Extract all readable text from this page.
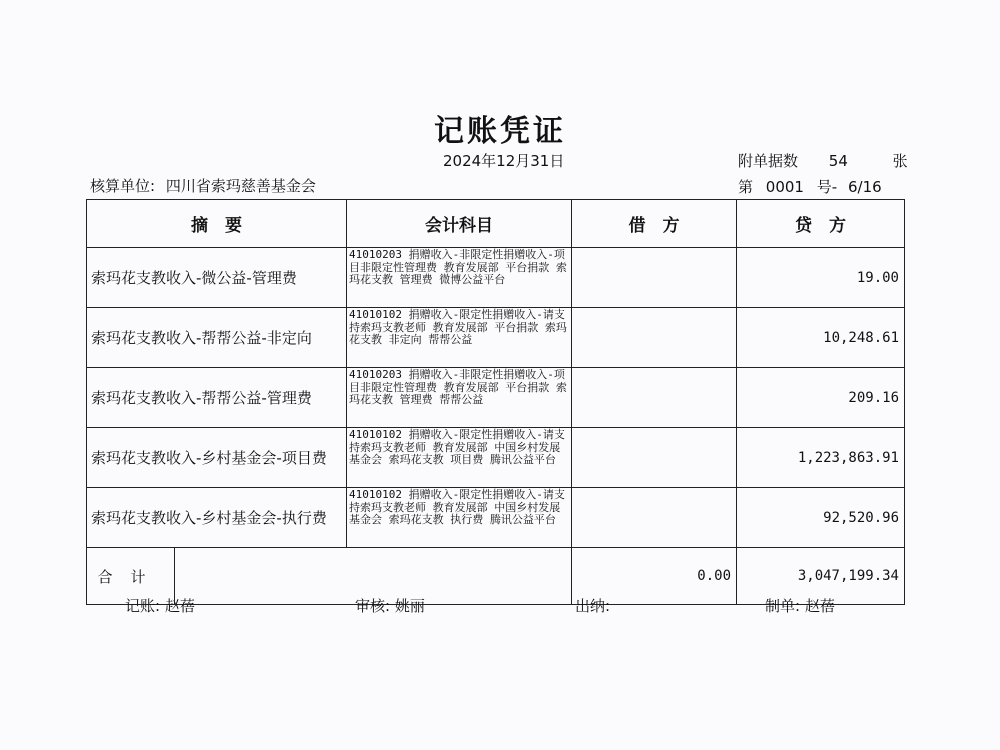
记账凭证
2024年12月31日	附单据数 54	张
核算单位: 四川省索玛慈善基金会	第 0001 号- 6/16
摘　要		会计科目	借　方	贷　方
索玛花支教收入-微公益-管理费		41010203 捐赠收入-非限定性捐赠收入-项目非限定性管理费 教育发展部 平台捐款 索玛花支教 管理费 微博公益平台		19.00
索玛花支教收入-帮帮公益-非定向		41010102 捐赠收入-限定性捐赠收入-请支持索玛支教老师 教育发展部 平台捐款 索玛花支教 非定向 帮帮公益		10,248.61
索玛花支教收入-帮帮公益-管理费		41010203 捐赠收入-非限定性捐赠收入-项目非限定性管理费 教育发展部 平台捐款 索玛花支教 管理费 帮帮公益		209.16
索玛花支教收入-乡村基金会-项目费		41010102 捐赠收入-限定性捐赠收入-请支持索玛支教老师 教育发展部 中国乡村发展基金会 索玛花支教 项目费 腾讯公益平台		1,223,863.91
索玛花支教收入-乡村基金会-执行费		41010102 捐赠收入-限定性捐赠收入-请支持索玛支教老师 教育发展部 中国乡村发展基金会 索玛花支教 执行费 腾讯公益平台		92,520.96
合计			0.00	3,047,199.34
记账: 赵蓓	审核: 姚丽	出纳:	制单: 赵蓓
